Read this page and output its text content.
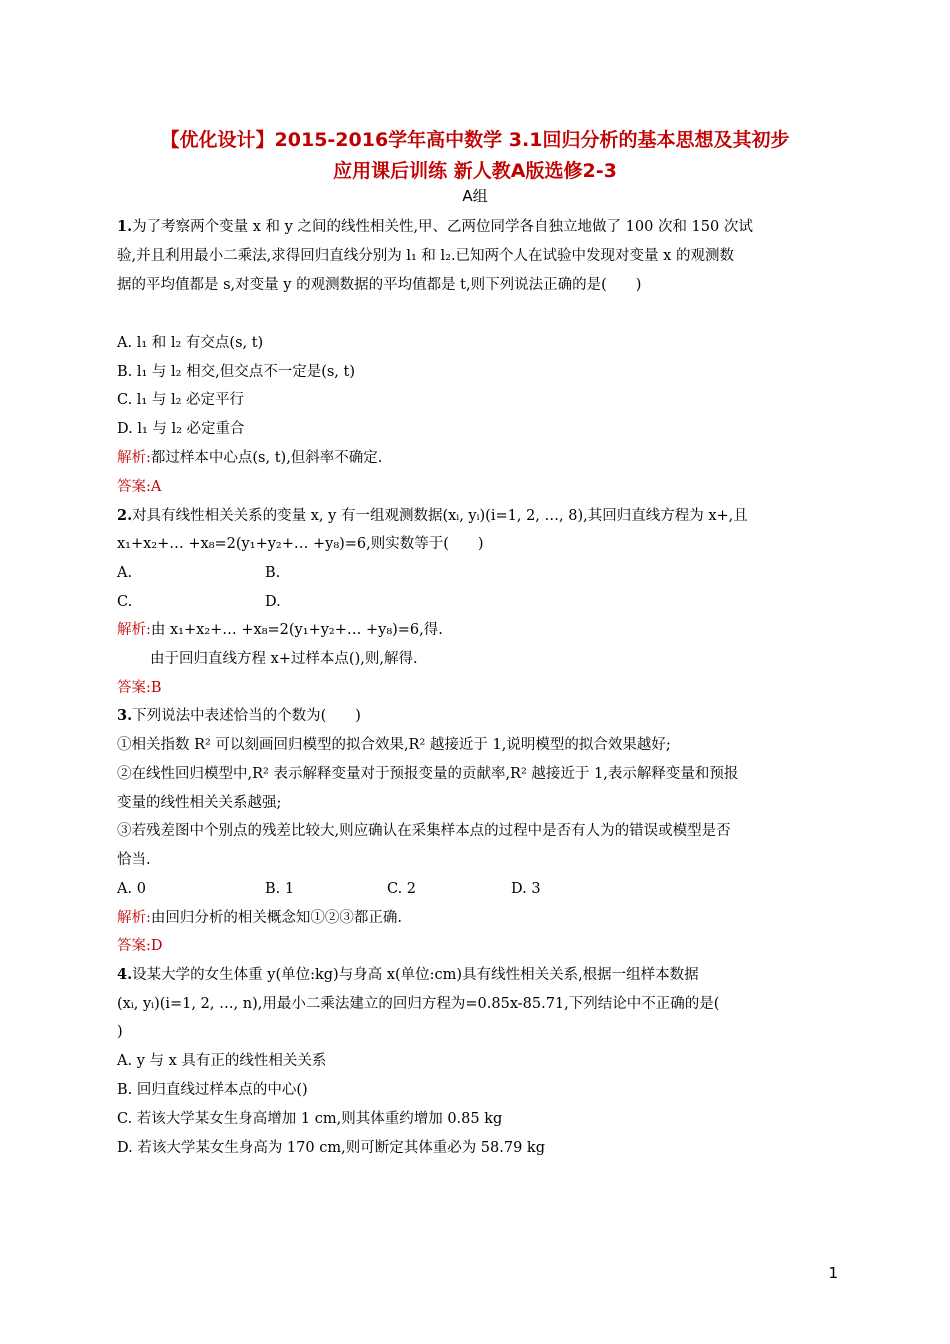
【优化设计】2015-2016学年高中数学 3.1回归分析的基本思想及其初步
应用课后训练 新人教A版选修2-3
A组
1.为了考察两个变量 x 和 y 之间的线性相关性,甲、乙两位同学各自独立地做了 100 次和 150 次试
验,并且利用最小二乘法,求得回归直线分别为 l₁ 和 l₂.已知两个人在试验中发现对变量 x 的观测数
据的平均值都是 s,对变量 y 的观测数据的平均值都是 t,则下列说法正确的是(　　)
A. l₁ 和 l₂ 有交点(s, t)
B. l₁ 与 l₂ 相交,但交点不一定是(s, t)
C. l₁ 与 l₂ 必定平行
D. l₁ 与 l₂ 必定重合
解析:都过样本中心点(s, t),但斜率不确定.
答案:A
2.对具有线性相关关系的变量 x, y 有一组观测数据(xᵢ, yᵢ)(i=1, 2, …, 8),其回归直线方程为 x+,且
x₁+x₂+… +x₈=2(y₁+y₂+… +y₈)=6,则实数等于(　　)
A.	B.
C.	D.
解析:由 x₁+x₂+… +x₈=2(y₁+y₂+… +y₈)=6,得.
由于回归直线方程 x+过样本点(),则,解得.
答案:B
3.下列说法中表述恰当的个数为(　　)
①相关指数 R² 可以刻画回归模型的拟合效果,R² 越接近于 1,说明模型的拟合效果越好;
②在线性回归模型中,R² 表示解释变量对于预报变量的贡献率,R² 越接近于 1,表示解释变量和预报
变量的线性相关关系越强;
③若残差图中个别点的残差比较大,则应确认在采集样本点的过程中是否有人为的错误或模型是否
恰当.
A. 0	B. 1	C. 2	D. 3
解析:由回归分析的相关概念知①②③都正确.
答案:D
4.设某大学的女生体重 y(单位:kg)与身高 x(单位:cm)具有线性相关关系,根据一组样本数据
(xᵢ, yᵢ)(i=1, 2, …, n),用最小二乘法建立的回归方程为=0.85x-85.71,下列结论中不正确的是(
)
A. y 与 x 具有正的线性相关关系
B. 回归直线过样本点的中心()
C. 若该大学某女生身高增加 1 cm,则其体重约增加 0.85 kg
D. 若该大学某女生身高为 170 cm,则可断定其体重必为 58.79 kg
1
